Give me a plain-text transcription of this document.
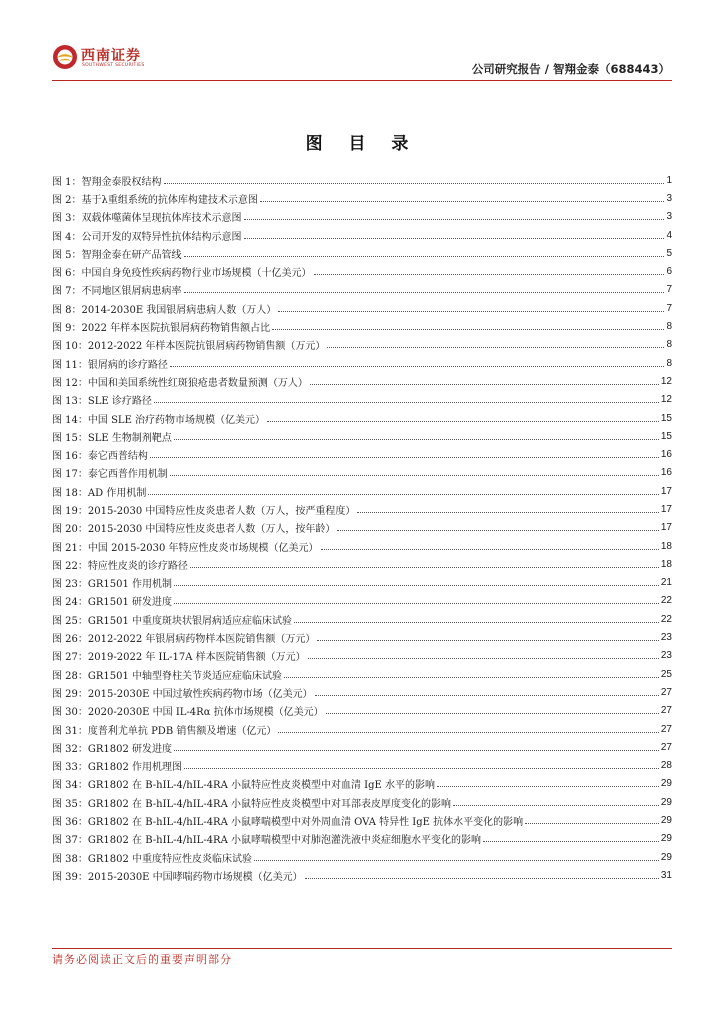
西南证券
SOUTHWEST SECURITIES	公司研究报告 / 智翔金泰（688443）
图 目 录
图 1：智翔金泰股权结构	1
图 2：基于λ重组系统的抗体库构建技术示意图	3
图 3：双载体噬菌体呈现抗体库技术示意图	3
图 4：公司开发的双特异性抗体结构示意图	4
图 5：智翔金泰在研产品管线	5
图 6：中国自身免疫性疾病药物行业市场规模（十亿美元）	6
图 7：不同地区银屑病患病率	7
图 8：2014-2030E 我国银屑病患病人数（万人）	7
图 9：2022 年样本医院抗银屑病药物销售额占比	8
图 10：2012-2022 年样本医院抗银屑病药物销售额（万元）	8
图 11：银屑病的诊疗路径	8
图 12：中国和美国系统性红斑狼疮患者数量预测（万人）	12
图 13：SLE 诊疗路径	12
图 14：中国 SLE 治疗药物市场规模（亿美元）	15
图 15：SLE 生物制剂靶点	15
图 16：泰它西普结构	16
图 17：泰它西普作用机制	16
图 18：AD 作用机制	17
图 19：2015-2030 中国特应性皮炎患者人数（万人，按严重程度）	17
图 20：2015-2030 中国特应性皮炎患者人数（万人，按年龄）	17
图 21：中国 2015-2030 年特应性皮炎市场规模（亿美元）	18
图 22：特应性皮炎的诊疗路径	18
图 23：GR1501 作用机制	21
图 24：GR1501 研发进度	22
图 25：GR1501 中重度斑块状银屑病适应症临床试验	22
图 26：2012-2022 年银屑病药物样本医院销售额（万元）	23
图 27：2019-2022 年 IL-17A 样本医院销售额（万元）	23
图 28：GR1501 中轴型脊柱关节炎适应症临床试验	25
图 29：2015-2030E 中国过敏性疾病药物市场（亿美元）	27
图 30：2020-2030E 中国 IL-4Rα 抗体市场规模（亿美元）	27
图 31：度普利尤单抗 PDB 销售额及增速（亿元）	27
图 32：GR1802 研发进度	27
图 33：GR1802 作用机理图	28
图 34：GR1802 在 B-hIL-4/hIL-4RA 小鼠特应性皮炎模型中对血清 IgE 水平的影响	29
图 35：GR1802 在 B-hIL-4/hIL-4RA 小鼠特应性皮炎模型中对耳部表皮厚度变化的影响	29
图 36：GR1802 在 B-hIL-4/hIL-4RA 小鼠哮喘模型中对外周血清 OVA 特异性 IgE 抗体水平变化的影响	29
图 37：GR1802 在 B-hIL-4/hIL-4RA 小鼠哮喘模型中对肺泡灌洗液中炎症细胞水平变化的影响	29
图 38：GR1802 中重度特应性皮炎临床试验	29
图 39：2015-2030E 中国哮喘药物市场规模（亿美元）	31
请务必阅读正文后的重要声明部分
